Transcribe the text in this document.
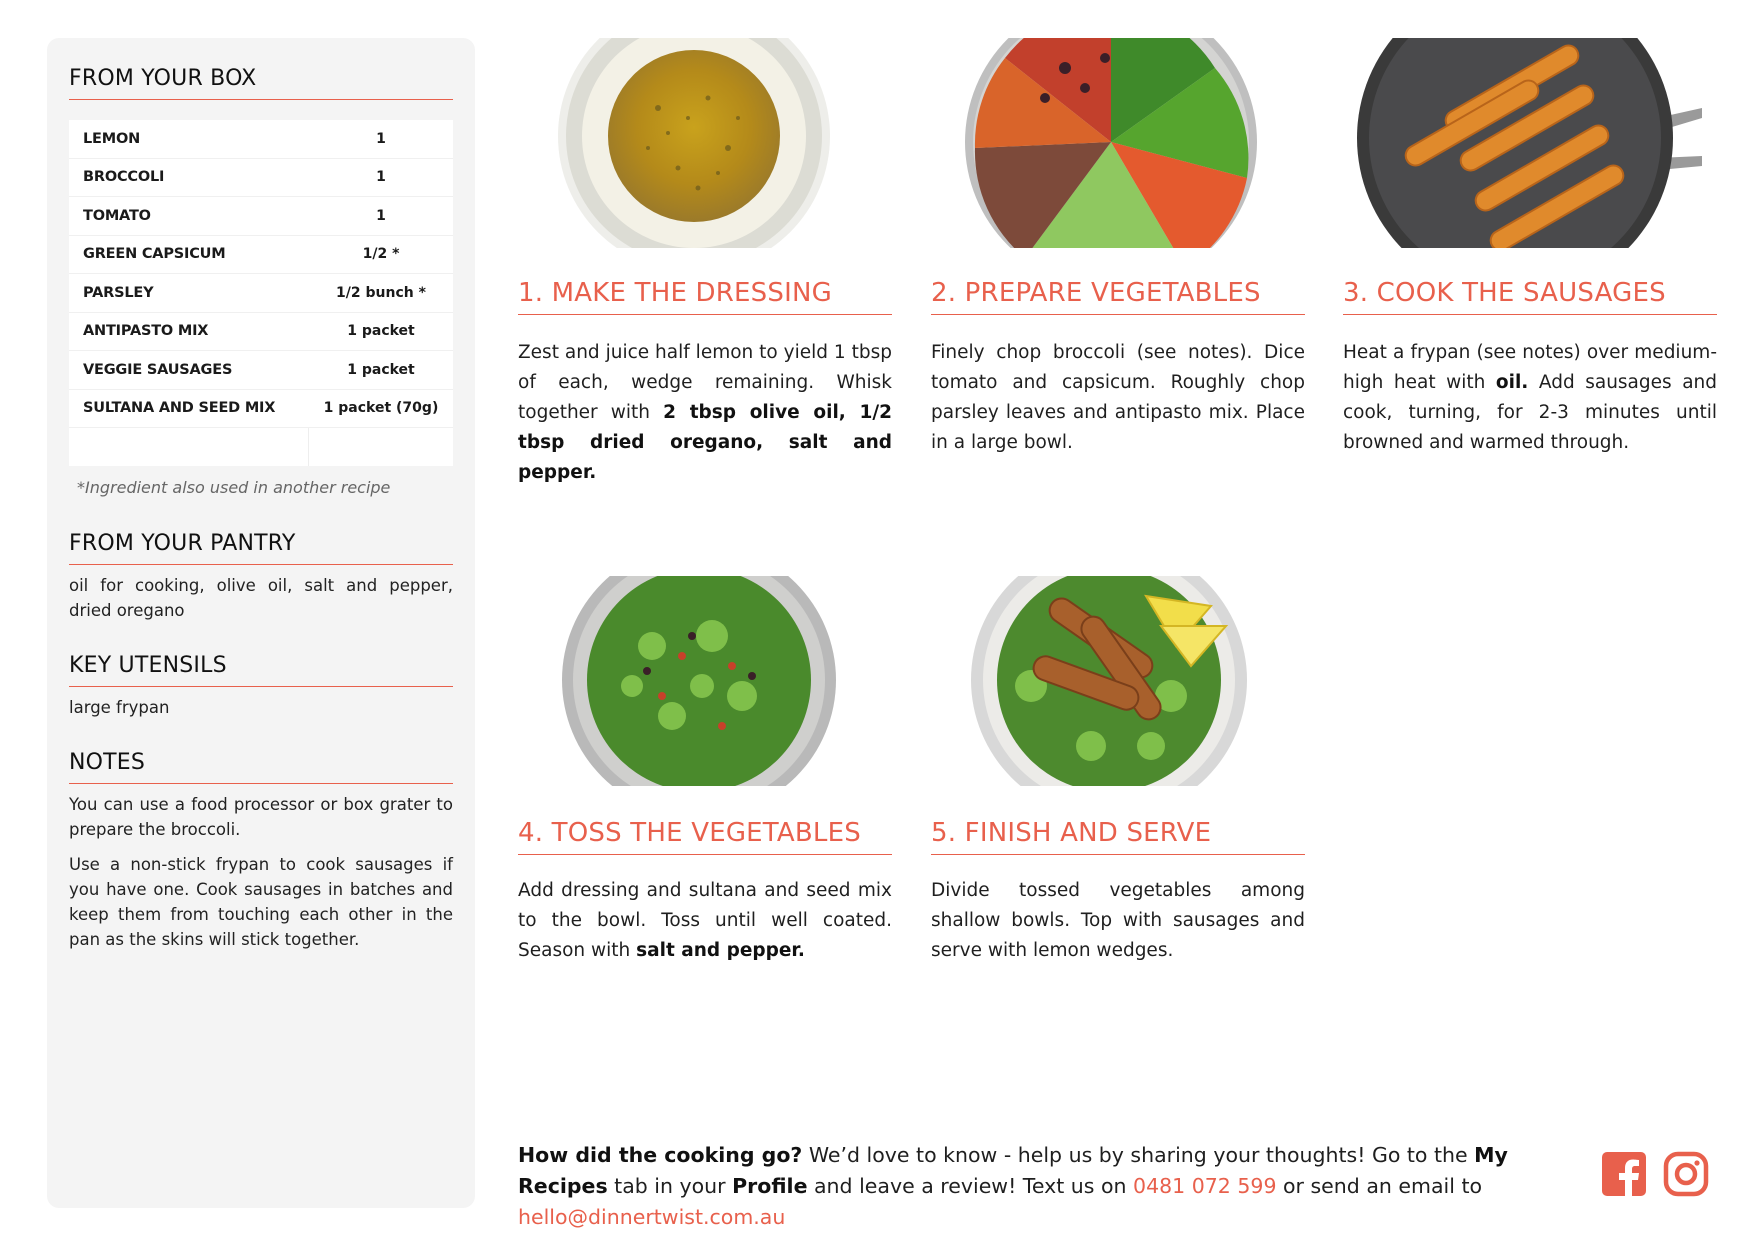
FROM YOUR BOX
LEMON	1
BROCCOLI	1
TOMATO	1
GREEN CAPSICUM	1/2 *
PARSLEY	1/2 bunch *
ANTIPASTO MIX	1 packet
VEGGIE SAUSAGES	1 packet
SULTANA AND SEED MIX	1 packet (70g)
*Ingredient also used in another recipe
FROM YOUR PANTRY
oil for cooking, olive oil, salt and pepper, dried oregano
KEY UTENSILS
large frypan
NOTES
You can use a food processor or box grater to prepare the broccoli.
Use a non-stick frypan to cook sausages if you have one. Cook sausages in batches and keep them from touching each other in the pan as the skins will stick together.
1. MAKE THE DRESSING
Zest and juice half lemon to yield 1 tbsp of each, wedge remaining. Whisk together with 2 tbsp olive oil, 1/2 tbsp dried oregano, salt and pepper.
2. PREPARE VEGETABLES
Finely chop broccoli (see notes). Dice tomato and capsicum. Roughly chop parsley leaves and antipasto mix. Place in a large bowl.
3. COOK THE SAUSAGES
Heat a frypan (see notes) over medium-high heat with oil. Add sausages and cook, turning, for 2-3 minutes until browned and warmed through.
4. TOSS THE VEGETABLES
Add dressing and sultana and seed mix to the bowl. Toss until well coated. Season with salt and pepper.
5. FINISH AND SERVE
Divide tossed vegetables among shallow bowls. Top with sausages and serve with lemon wedges.
How did the cooking go? We’d love to know - help us by sharing your thoughts! Go to the My Recipes tab in your Profile and leave a review! Text us on 0481 072 599 or send an email to hello@dinnertwist.com.au
